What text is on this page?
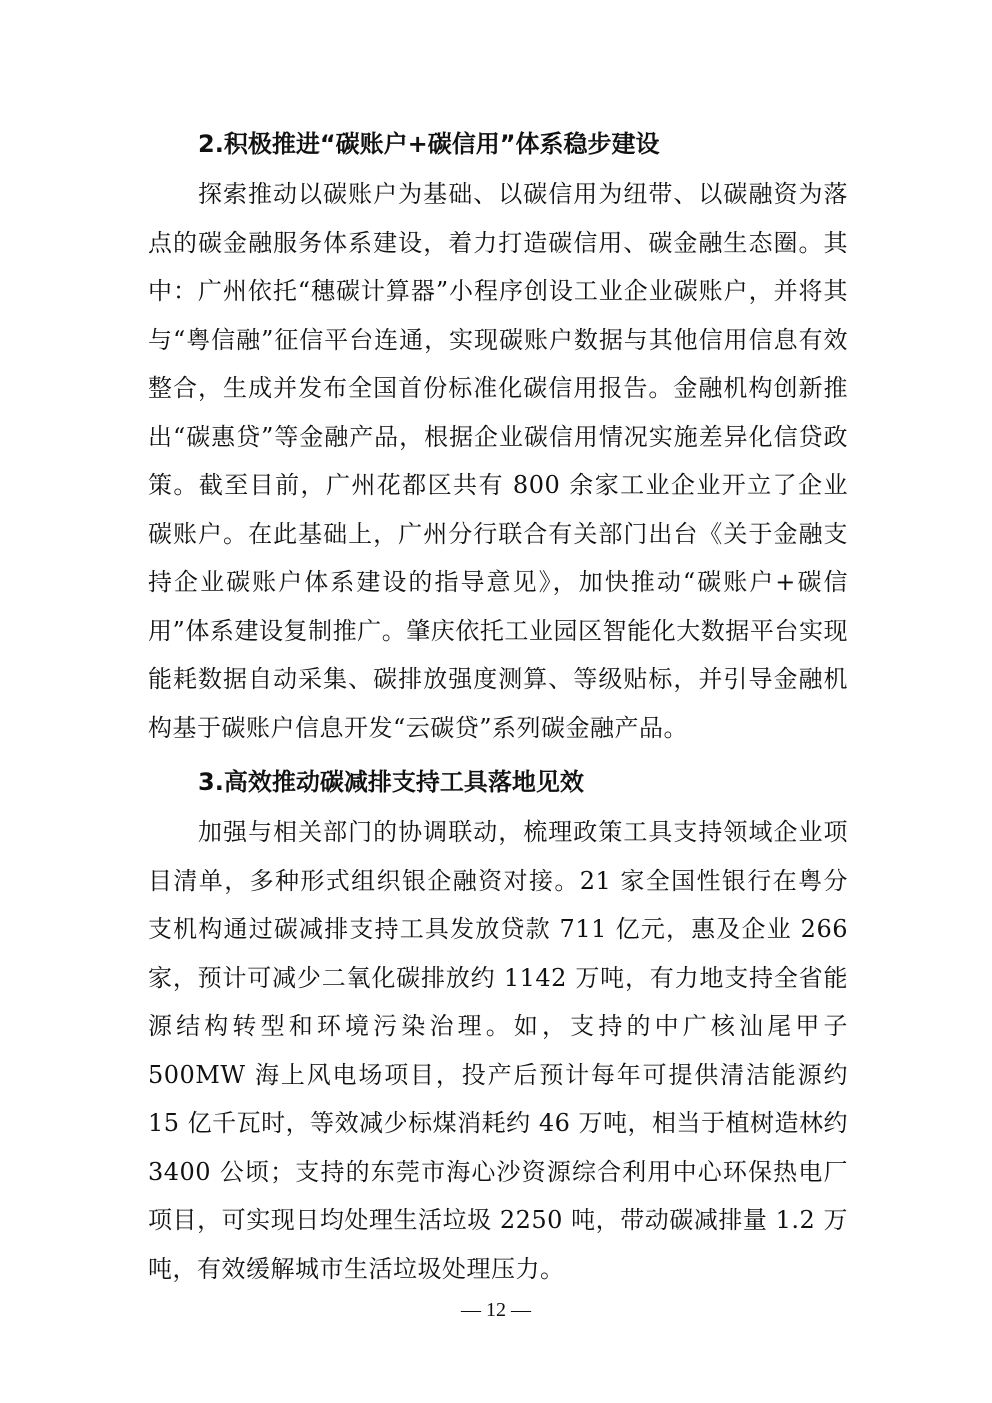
2.积极推进“碳账户+碳信用”体系稳步建设

探索推动以碳账户为基础、以碳信用为纽带、以碳融资为落点的碳金融服务体系建设，着力打造碳信用、碳金融生态圈。其中：广州依托“穗碳计算器”小程序创设工业企业碳账户，并将其与“粤信融”征信平台连通，实现碳账户数据与其他信用信息有效整合，生成并发布全国首份标准化碳信用报告。金融机构创新推出“碳惠贷”等金融产品，根据企业碳信用情况实施差异化信贷政策。截至目前，广州花都区共有 800 余家工业企业开立了企业碳账户。在此基础上，广州分行联合有关部门出台《关于金融支持企业碳账户体系建设的指导意见》，加快推动“碳账户+碳信用”体系建设复制推广。肇庆依托工业园区智能化大数据平台实现能耗数据自动采集、碳排放强度测算、等级贴标，并引导金融机构基于碳账户信息开发“云碳贷”系列碳金融产品。

3.高效推动碳减排支持工具落地见效

加强与相关部门的协调联动，梳理政策工具支持领域企业项目清单，多种形式组织银企融资对接。21 家全国性银行在粤分支机构通过碳减排支持工具发放贷款 711 亿元，惠及企业 266 家，预计可减少二氧化碳排放约 1142 万吨，有力地支持全省能源结构转型和环境污染治理。如，支持的中广核汕尾甲子 500MW 海上风电场项目，投产后预计每年可提供清洁能源约 15 亿千瓦时，等效减少标煤消耗约 46 万吨，相当于植树造林约 3400 公顷；支持的东莞市海心沙资源综合利用中心环保热电厂项目，可实现日均处理生活垃圾 2250 吨，带动碳减排量 1.2 万吨，有效缓解城市生活垃圾处理压力。

— 12 —
